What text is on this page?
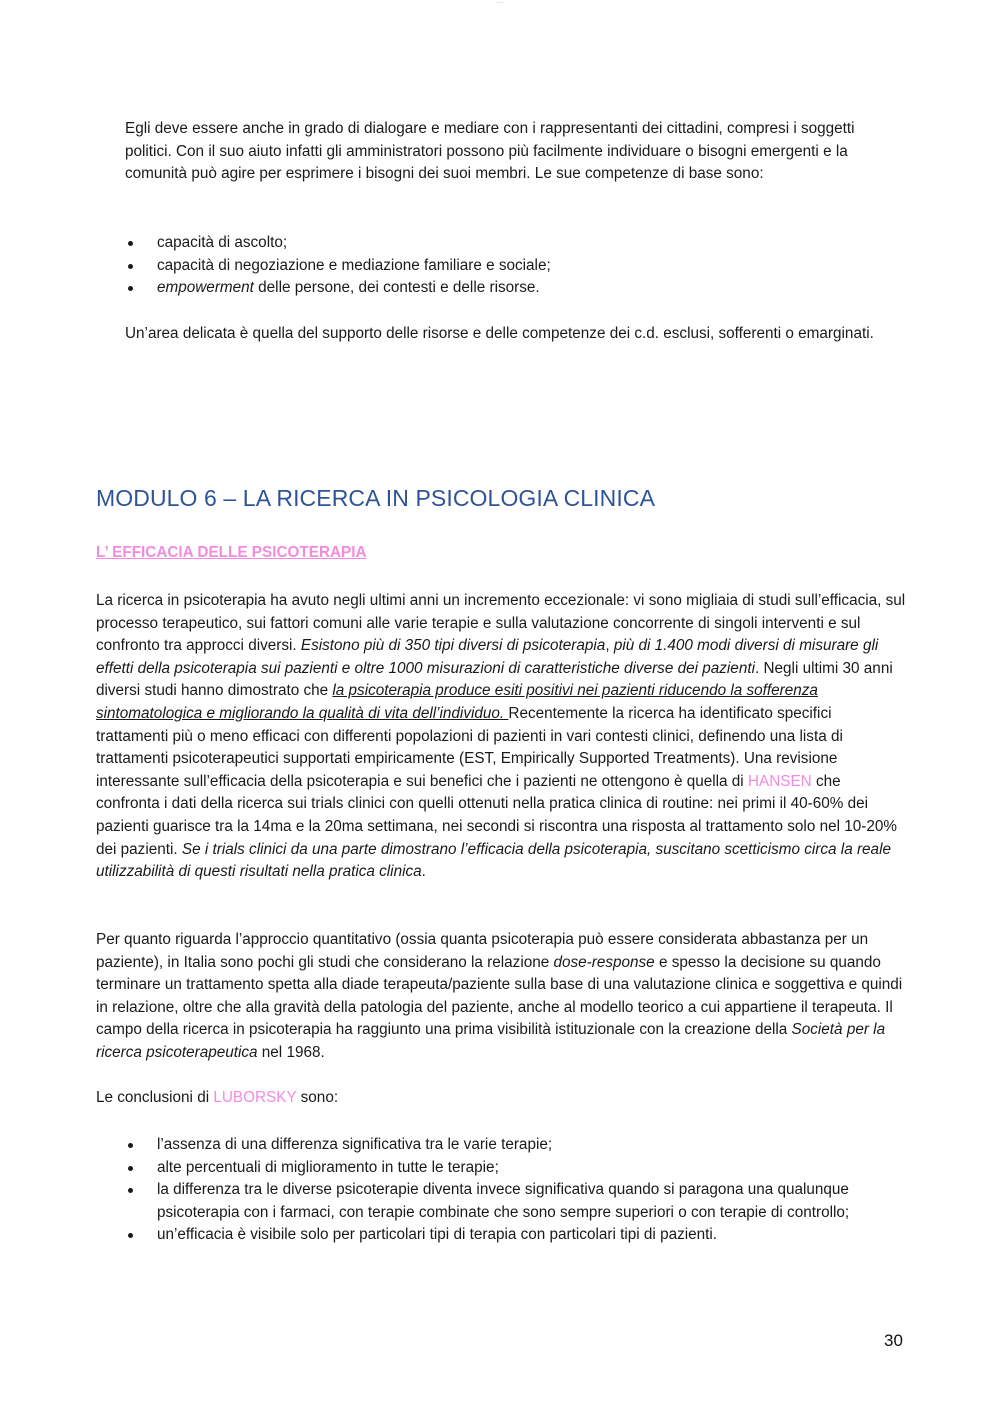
~~~

Egli deve essere anche in grado di dialogare e mediare con i rappresentanti dei cittadini, compresi i soggetti politici. Con il suo aiuto infatti gli amministratori possono più facilmente individuare o bisogni emergenti e la comunità può agire per esprimere i bisogni dei suoi membri. Le sue competenze di base sono:

capacità di ascolto;
capacità di negoziazione e mediazione familiare e sociale;
empowerment delle persone, dei contesti e delle risorse.

Un’area delicata è quella del supporto delle risorse e delle competenze dei c.d. esclusi, sofferenti o emarginati.

MODULO 6 – LA RICERCA IN PSICOLOGIA CLINICA
L’ EFFICACIA DELLE PSICOTERAPIA

La ricerca in psicoterapia ha avuto negli ultimi anni un incremento eccezionale: vi sono migliaia di studi sull’efficacia, sul processo terapeutico, sui fattori comuni alle varie terapie e sulla valutazione concorrente di singoli interventi e sul confronto tra approcci diversi. Esistono più di 350 tipi diversi di psicoterapia, più di 1.400 modi diversi di misurare gli effetti della psicoterapia sui pazienti e oltre 1000 misurazioni di caratteristiche diverse dei pazienti. Negli ultimi 30 anni diversi studi hanno dimostrato che la psicoterapia produce esiti positivi nei pazienti riducendo la sofferenza sintomatologica e migliorando la qualità di vita dell’individuo. Recentemente la ricerca ha identificato specifici trattamenti più o meno efficaci con differenti popolazioni di pazienti in vari contesti clinici, definendo una lista di trattamenti psicoterapeutici supportati empiricamente (EST, Empirically Supported Treatments). Una revisione interessante sull’efficacia della psicoterapia e sui benefici che i pazienti ne ottengono è quella di HANSEN che confronta i dati della ricerca sui trials clinici con quelli ottenuti nella pratica clinica di routine: nei primi il 40-60% dei pazienti guarisce tra la 14ma e la 20ma settimana, nei secondi si riscontra una risposta al trattamento solo nel 10-20% dei pazienti. Se i trials clinici da una parte dimostrano l’efficacia della psicoterapia, suscitano scetticismo circa la reale utilizzabilità di questi risultati nella pratica clinica.

Per quanto riguarda l’approccio quantitativo (ossia quanta psicoterapia può essere considerata abbastanza per un paziente), in Italia sono pochi gli studi che considerano la relazione dose-response e spesso la decisione su quando terminare un trattamento spetta alla diade terapeuta/paziente sulla base di una valutazione clinica e soggettiva e quindi in relazione, oltre che alla gravità della patologia del paziente, anche al modello teorico a cui appartiene il terapeuta. Il campo della ricerca in psicoterapia ha raggiunto una prima visibilità istituzionale con la creazione della Società per la ricerca psicoterapeutica nel 1968.

Le conclusioni di LUBORSKY sono:

l’assenza di una differenza significativa tra le varie terapie;
alte percentuali di miglioramento in tutte le terapie;
la differenza tra le diverse psicoterapie diventa invece significativa quando si paragona una qualunque psicoterapia con i farmaci, con terapie combinate che sono sempre superiori o con terapie di controllo;
un’efficacia è visibile solo per particolari tipi di terapia con particolari tipi di pazienti.
30
